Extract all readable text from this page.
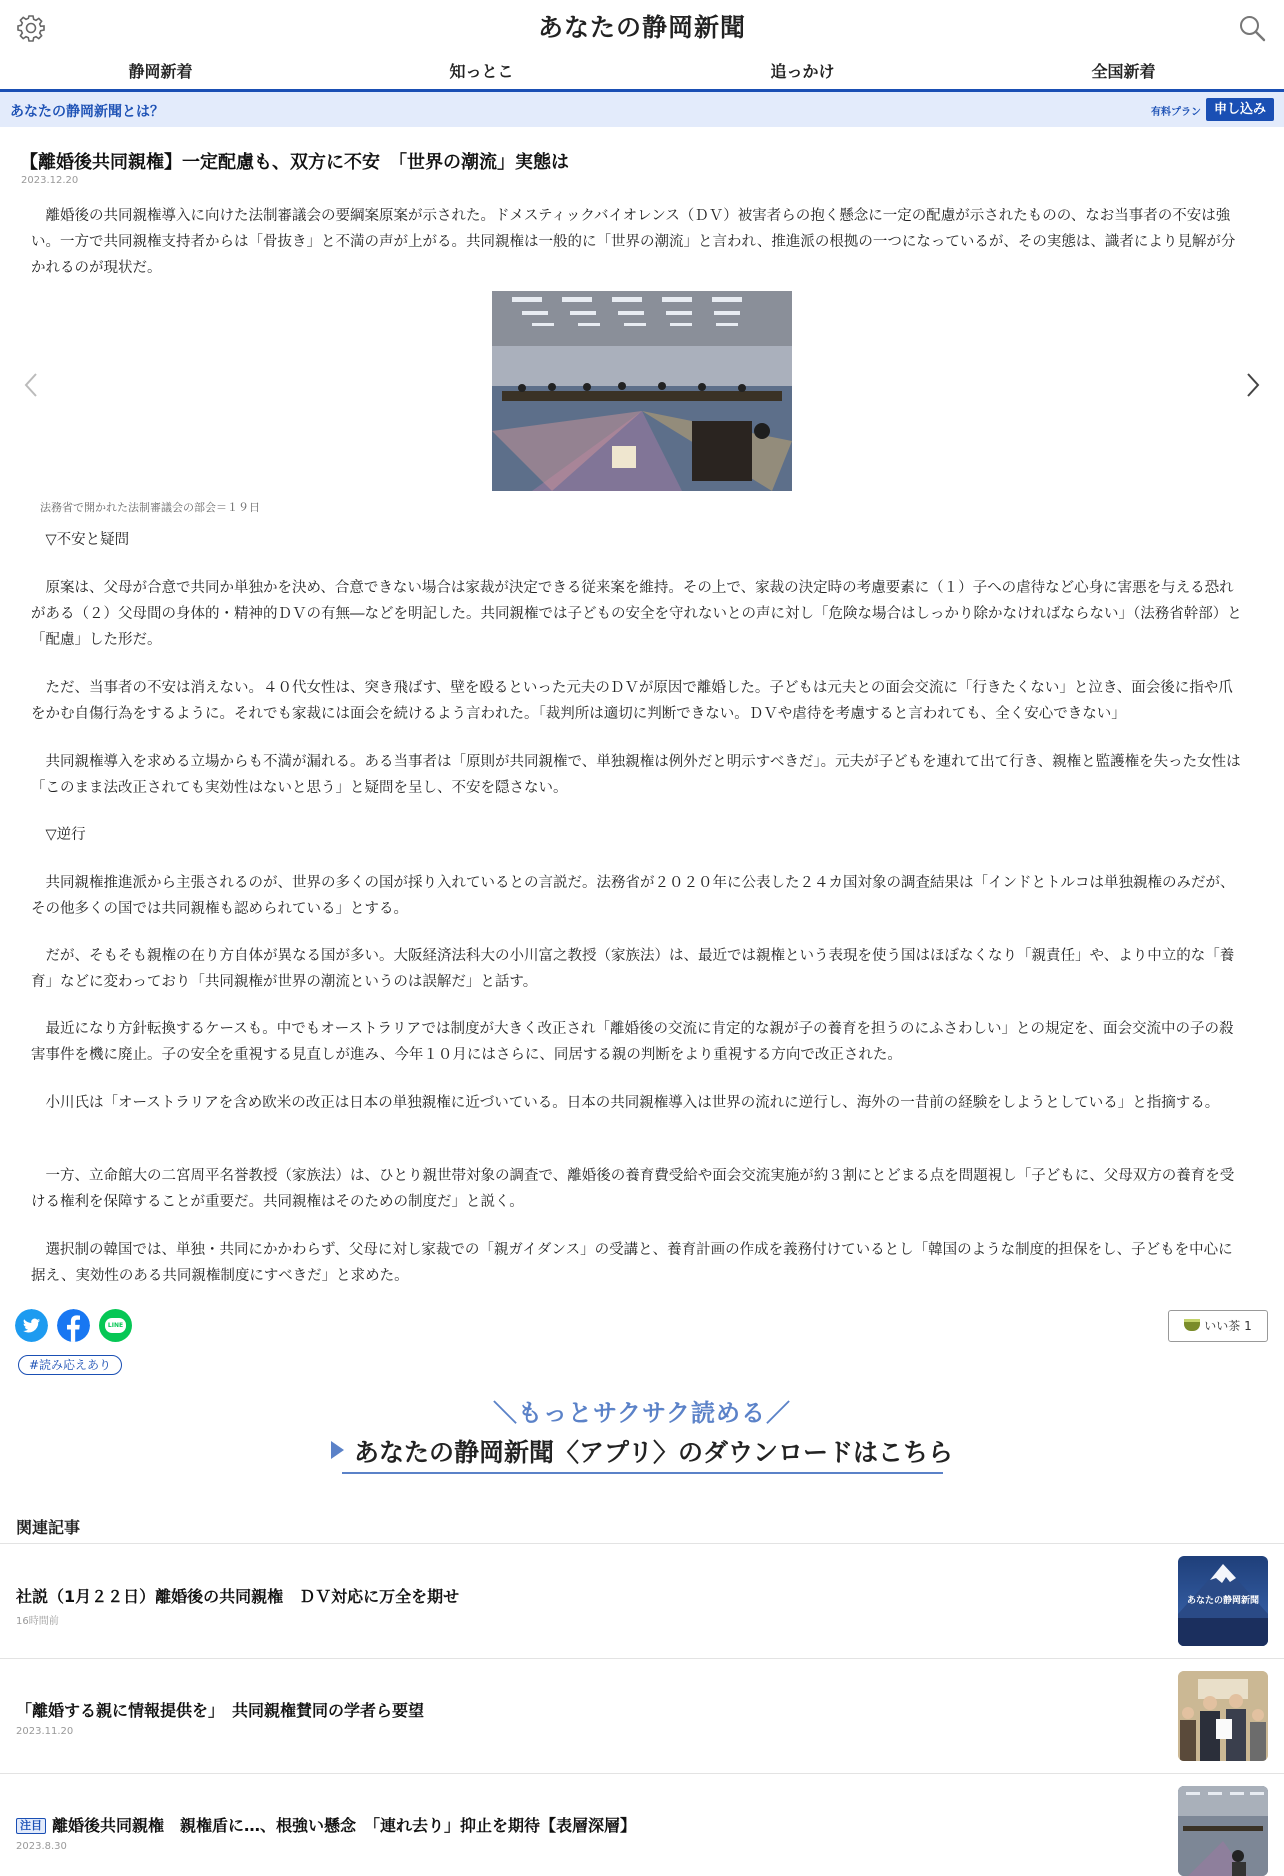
あなたの静岡新聞
静岡新着	知っとこ	追っかけ	全国新着
あなたの静岡新聞とは？	有料プラン 申し込み
【離婚後共同親権】一定配慮も、双方に不安　「世界の潮流」実態は
2023.12.20
離婚後の共同親権導入に向けた法制審議会の要綱案原案が示された。ドメスティックバイオレンス（ＤＶ）被害者らの抱く懸念に一定の配慮が示されたものの、なお当事者の不安は強い。一方で共同親権支持者からは「骨抜き」と不満の声が上がる。共同親権は一般的に「世界の潮流」と言われ、推進派の根拠の一つになっているが、その実態は、識者により見解が分かれるのが現状だ。
法務省で開かれた法制審議会の部会＝１９日
▽不安と疑問
原案は、父母が合意で共同か単独かを決め、合意できない場合は家裁が決定できる従来案を維持。その上で、家裁の決定時の考慮要素に（１）子への虐待など心身に害悪を与える恐れがある（２）父母間の身体的・精神的ＤＶの有無―などを明記した。共同親権では子どもの安全を守れないとの声に対し「危険な場合はしっかり除かなければならない」（法務省幹部）と「配慮」した形だ。
ただ、当事者の不安は消えない。４０代女性は、突き飛ばす、壁を殴るといった元夫のＤＶが原因で離婚した。子どもは元夫との面会交流に「行きたくない」と泣き、面会後に指や爪をかむ自傷行為をするように。それでも家裁には面会を続けるよう言われた。「裁判所は適切に判断できない。ＤＶや虐待を考慮すると言われても、全く安心できない」
共同親権導入を求める立場からも不満が漏れる。ある当事者は「原則が共同親権で、単独親権は例外だと明示すべきだ」。元夫が子どもを連れて出て行き、親権と監護権を失った女性は「このまま法改正されても実効性はないと思う」と疑問を呈し、不安を隠さない。
▽逆行
共同親権推進派から主張されるのが、世界の多くの国が採り入れているとの言説だ。法務省が２０２０年に公表した２４カ国対象の調査結果は「インドとトルコは単独親権のみだが、その他多くの国では共同親権も認められている」とする。
だが、そもそも親権の在り方自体が異なる国が多い。大阪経済法科大の小川富之教授（家族法）は、最近では親権という表現を使う国はほぼなくなり「親責任」や、より中立的な「養育」などに変わっており「共同親権が世界の潮流というのは誤解だ」と話す。
最近になり方針転換するケースも。中でもオーストラリアでは制度が大きく改正され「離婚後の交流に肯定的な親が子の養育を担うのにふさわしい」との規定を、面会交流中の子の殺害事件を機に廃止。子の安全を重視する見直しが進み、今年１０月にはさらに、同居する親の判断をより重視する方向で改正された。
小川氏は「オーストラリアを含め欧米の改正は日本の単独親権に近づいている。日本の共同親権導入は世界の流れに逆行し、海外の一昔前の経験をしようとしている」と指摘する。
一方、立命館大の二宮周平名誉教授（家族法）は、ひとり親世帯対象の調査で、離婚後の養育費受給や面会交流実施が約３割にとどまる点を問題視し「子どもに、父母双方の養育を受ける権利を保障することが重要だ。共同親権はそのための制度だ」と説く。
選択制の韓国では、単独・共同にかかわらず、父母に対し家裁での「親ガイダンス」の受講と、養育計画の作成を義務付けているとし「韓国のような制度的担保をし、子どもを中心に据え、実効性のある共同親権制度にすべきだ」と求めた。
LINE	いい茶 1
#読み応えあり
＼もっとサクサク読める／
あなたの静岡新聞〈アプリ〉のダウンロードはこちら
関連記事
社説（1月２２日）離婚後の共同親権　ＤＶ対応に万全を期せ
16時間前
あなたの静岡新聞
「離婚する親に情報提供を」　共同親権賛同の学者ら要望
2023.11.20
注目 離婚後共同親権　親権盾に…、根強い懸念　「連れ去り」抑止を期待【表層深層】
2023.8.30
